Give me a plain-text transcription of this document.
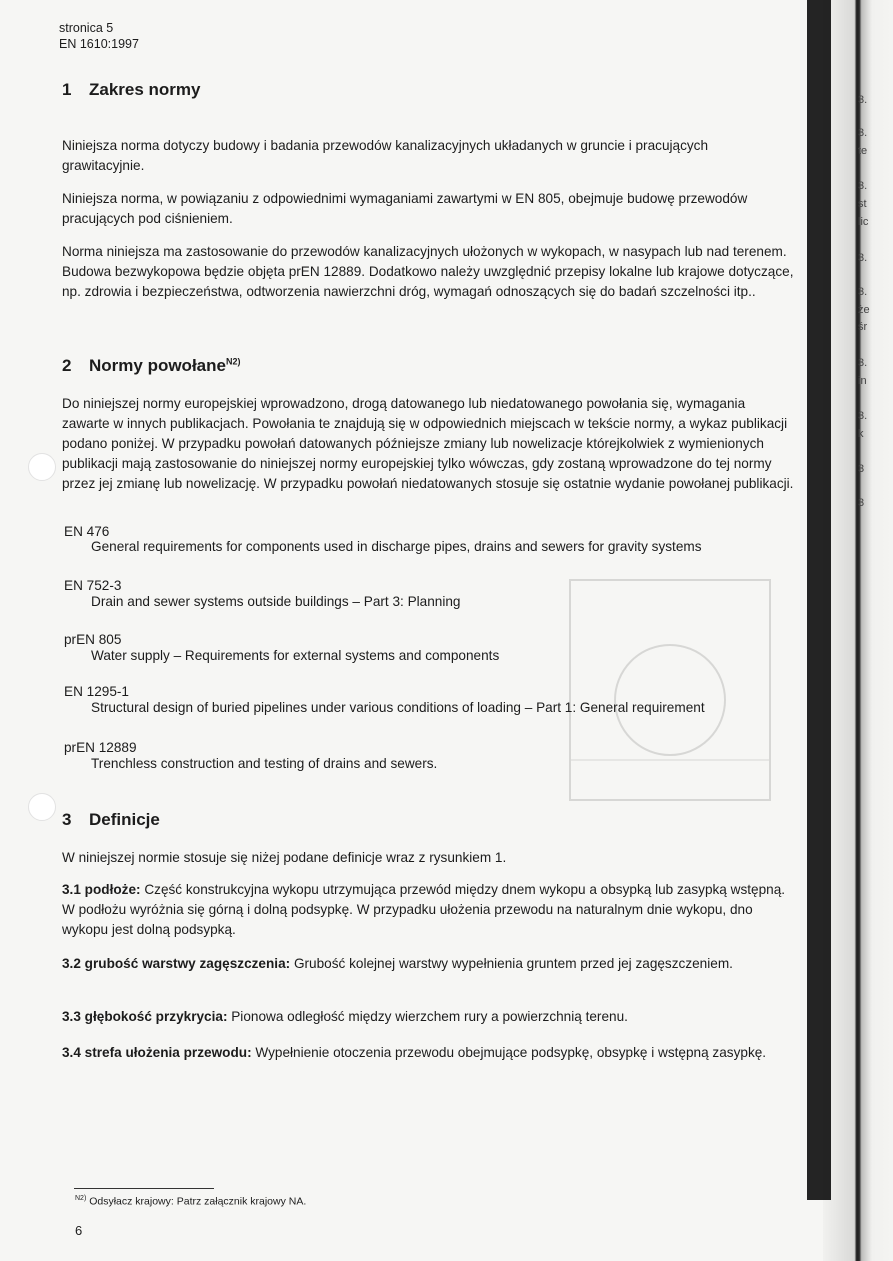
stronica 5
EN 1610:1997
1 Zakres normy
Niniejsza norma dotyczy budowy i badania przewodów kanalizacyjnych układanych w gruncie i pracujących grawitacyjnie.
Niniejsza norma, w powiązaniu z odpowiednimi wymaganiami zawartymi w EN 805, obejmuje budowę przewodów pracujących pod ciśnieniem.
Norma niniejsza ma zastosowanie do przewodów kanalizacyjnych ułożonych w wykopach, w nasypach lub nad terenem. Budowa bezwykopowa będzie objęta prEN 12889. Dodatkowo należy uwzględnić przepisy lokalne lub krajowe dotyczące, np. zdrowia i bezpieczeństwa, odtworzenia nawierzchni dróg, wymagań odnoszących się do badań szczelności itp..
2 Normy powołane$^{N2)}$
Do niniejszej normy europejskiej wprowadzono, drogą datowanego lub niedatowanego powołania się, wymagania zawarte w innych publikacjach. Powołania te znajdują się w odpowiednich miejscach w tekście normy, a wykaz publikacji podano poniżej. W przypadku powołań datowanych późniejsze zmiany lub nowelizacje którejkolwiek z wymienionych publikacji mają zastosowanie do niniejszej normy europejskiej tylko wówczas, gdy zostaną wprowadzone do tej normy przez jej zmianę lub nowelizację. W przypadku powołań niedatowanych stosuje się ostatnie wydanie powołanej publikacji.
EN 476
General requirements for components used in discharge pipes, drains and sewers for gravity systems
EN 752-3
Drain and sewer systems outside buildings – Part 3: Planning
prEN 805
Water supply – Requirements for external systems and components
EN 1295-1
Structural design of buried pipelines under various conditions of loading – Part 1: General requirement
prEN 12889
Trenchless construction and testing of drains and sewers.
3 Definicje
W niniejszej normie stosuje się niżej podane definicje wraz z rysunkiem 1.
3.1 podłoże: Część konstrukcyjna wykopu utrzymująca przewód między dnem wykopu a obsypką lub zasypką wstępną. W podłożu wyróżnia się górną i dolną podsypkę. W przypadku ułożenia przewodu na naturalnym dnie wykopu, dno wykopu jest dolną podsypką.
3.2 grubość warstwy zagęszczenia: Grubość kolejnej warstwy wypełnienia gruntem przed jej zagęszczeniem.
3.3 głębokość przykrycia: Pionowa odległość między wierzchem rury a powierzchnią terenu.
3.4 strefa ułożenia przewodu: Wypełnienie otoczenia przewodu obejmujące podsypkę, obsypkę i wstępną zasypkę.
$^{N2)}$ Odsyłacz krajowy: Patrz załącznik krajowy NA.
6
3.
3.
te
3.
st
lic
3.
3.
że
śr
3.
in
3.
k
3
3
